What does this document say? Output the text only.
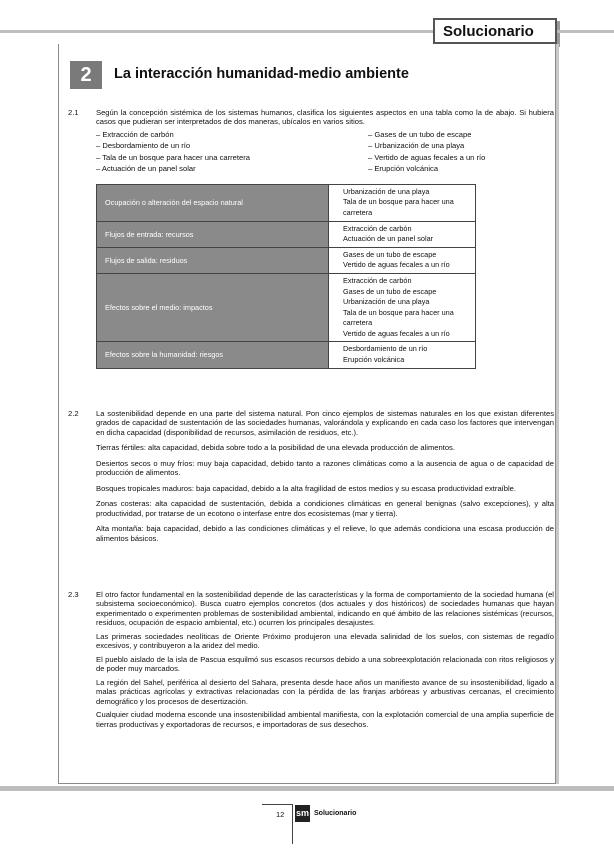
Solucionario
2	La interacción humanidad-medio ambiente
2.1	Según la concepción sistémica de los sistemas humanos, clasifica los siguientes aspectos en una tabla como la de abajo. Si hubiera casos que pudieran ser interpretados de dos maneras, ubícalos en varios sitios.
– Extracción de carbón	– Gases de un tubo de escape
– Desbordamiento de un río	– Urbanización de una playa
– Tala de un bosque para hacer una carretera	– Vertido de aguas fecales a un río
– Actuación de un panel solar	– Erupción volcánica
Ocupación o alteración del espacio natural	Urbanización de una playa
Tala de un bosque para hacer una carretera

Flujos de entrada: recursos	Extracción de carbón
Actuación de un panel solar

Flujos de salida: residuos	Gases de un tubo de escape
Vertido de aguas fecales a un río

Efectos sobre el medio: impactos	Extracción de carbón
Gases de un tubo de escape
Urbanización de una playa
Tala de un bosque para hacer una carretera
Vertido de aguas fecales a un río

Efectos sobre la humanidad: riesgos	Desbordamiento de un río
Erupción volcánica
2.2	La sostenibilidad depende en una parte del sistema natural. Pon cinco ejemplos de sistemas naturales en los que existan diferentes grados de capacidad de sustentación de las sociedades humanas, valorándola y explicando en cada caso los factores que intervengan en dicha capacidad (disponibilidad de recursos, asimilación de residuos, etc.).
Tierras fértiles: alta capacidad, debida sobre todo a la posibilidad de una elevada producción de alimentos.
Desiertos secos o muy fríos: muy baja capacidad, debido tanto a razones climáticas como a la ausencia de agua o de capacidad de producción de alimentos.
Bosques tropicales maduros: baja capacidad, debido a la alta fragilidad de estos medios y su escasa productividad extraíble.
Zonas costeras: alta capacidad de sustentación, debida a condiciones climáticas en general benignas (salvo excepciones), y alta productividad, por tratarse de un ecotono o interfase entre dos ecosistemas (mar y tierra).
Alta montaña: baja capacidad, debido a las condiciones climáticas y el relieve, lo que además condiciona una escasa producción de alimentos básicos.
2.3	El otro factor fundamental en la sostenibilidad depende de las características y la forma de comportamiento de la sociedad humana (el subsistema socioeconómico). Busca cuatro ejemplos concretos (dos actuales y dos históricos) de sociedades humanas que hayan experimentado o experimenten problemas de sostenibilidad ambiental, indicando en qué ámbito de las relaciones sistémicas (recursos, residuos, ocupación de espacio ambiental, etc.) ocurren los principales desajustes.
Las primeras sociedades neolíticas de Oriente Próximo produjeron una elevada salinidad de los suelos, con sistemas de regadío excesivos, y contribuyeron a la aridez del medio.
El pueblo aislado de la isla de Pascua esquilmó sus escasos recursos debido a una sobreexplotación relacionada con ritos religiosos y de poder muy marcados.
La región del Sahel, periférica al desierto del Sahara, presenta desde hace años un manifiesto avance de su insostenibilidad, ligado a malas prácticas agrícolas y extractivas relacionadas con la pérdida de las franjas arbóreas y arbustivas cercanas, el crecimiento demográfico y los procesos de desertización.
Cualquier ciudad moderna esconde una insostenibilidad ambiental manifiesta, con la explotación comercial de una amplia superficie de tierras productivas y exportadoras de recursos, e importadoras de sus desechos.
12 sm Solucionario
